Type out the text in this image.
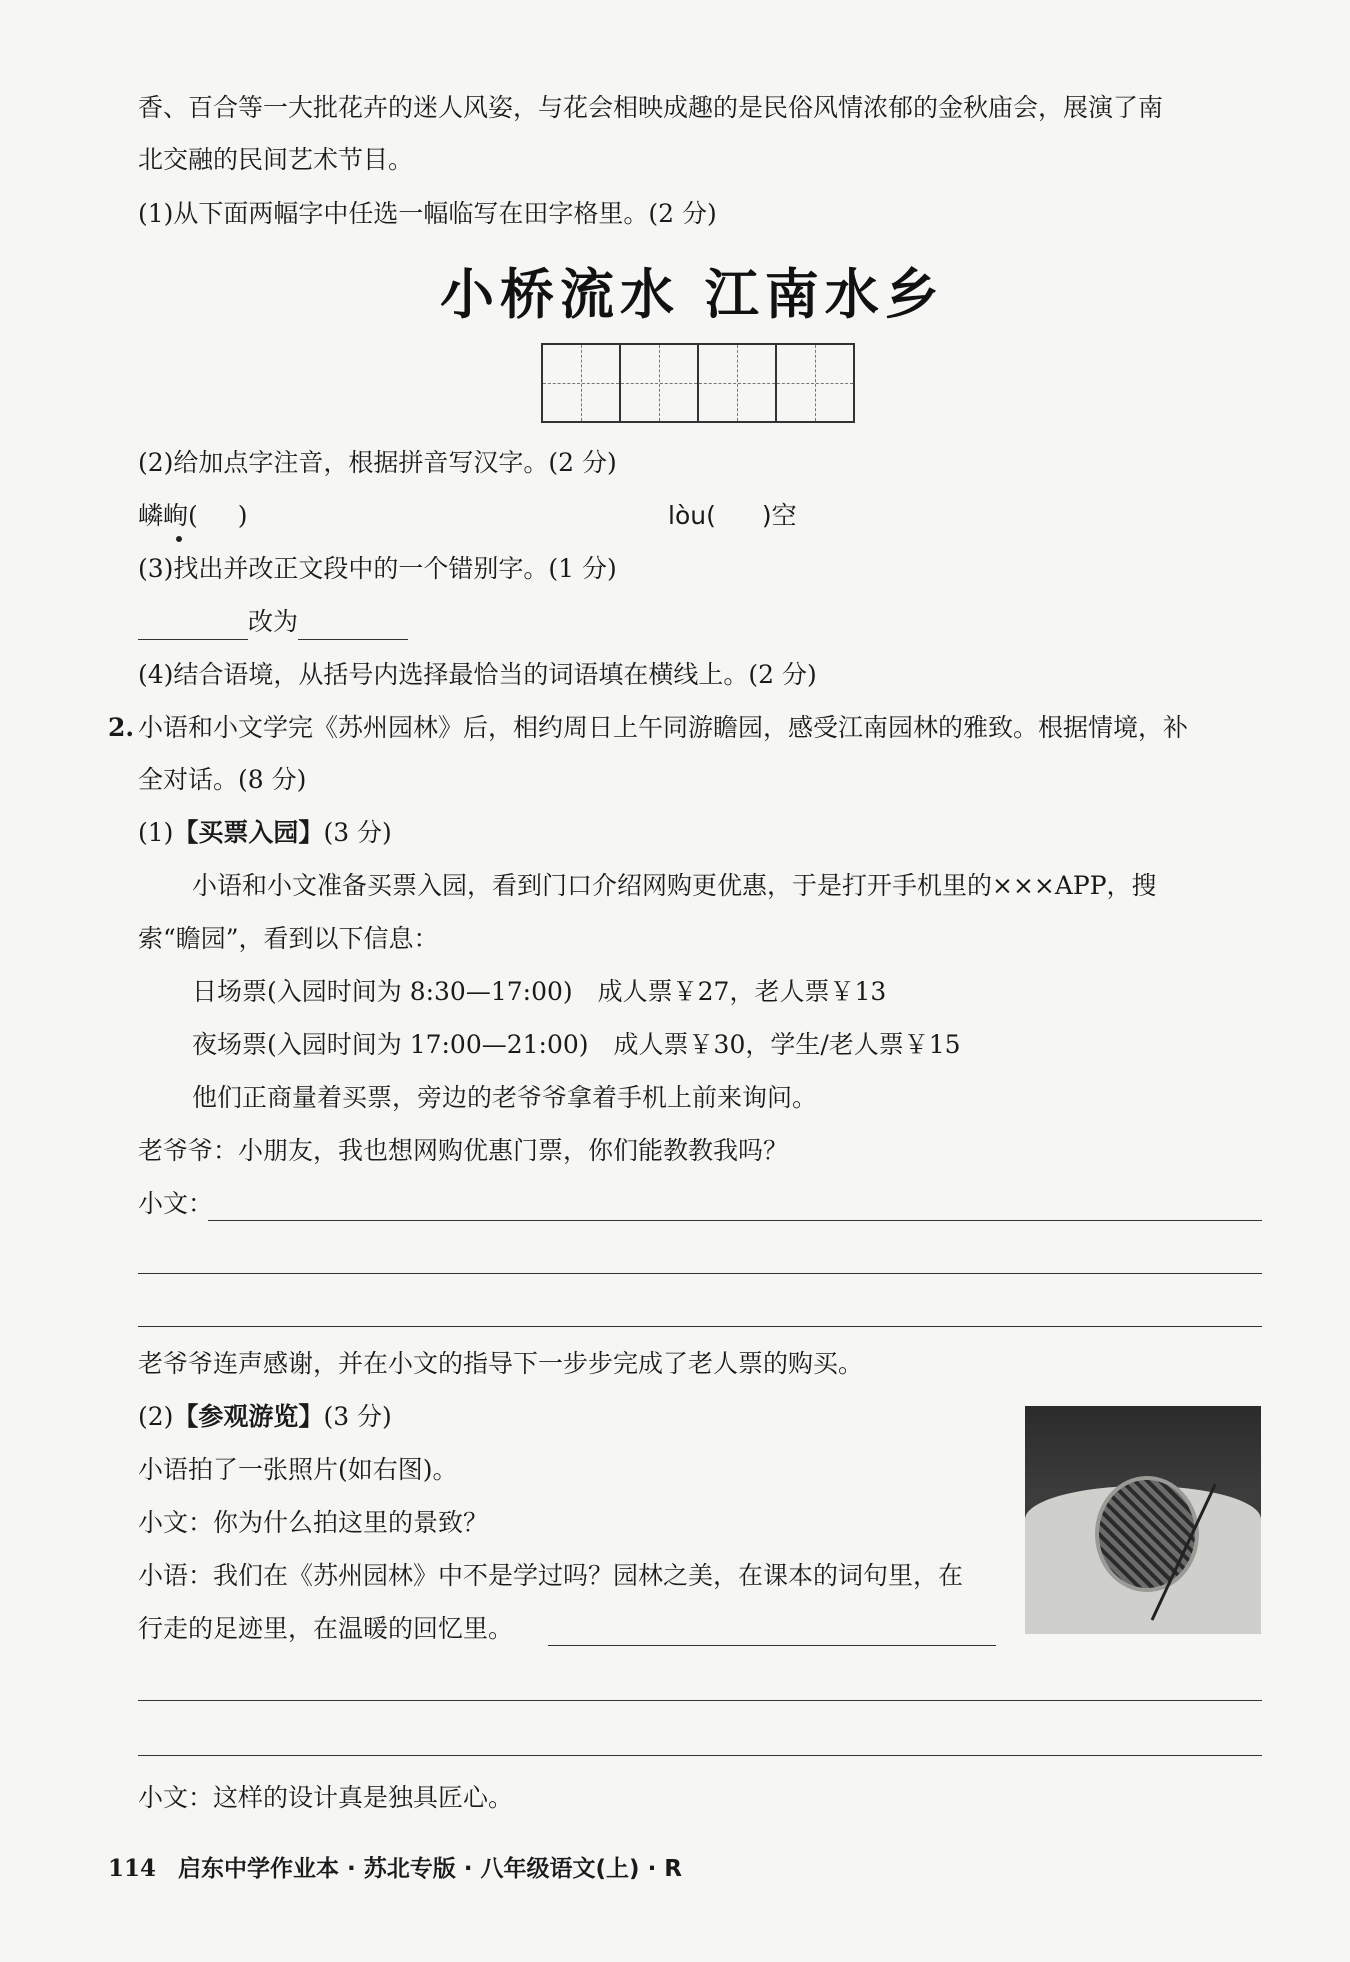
香、百合等一大批花卉的迷人风姿，与花会相映成趣的是民俗风情浓郁的金秋庙会，展演了南
北交融的民间艺术节目。
(1)从下面两幅字中任选一幅临写在田字格里。(2 分)
小桥流水 江南水乡
(2)给加点字注音，根据拼音写汉字。(2 分)
嶙峋( )	lòu( )空
(3)找出并改正文段中的一个错别字。(1 分)
改为
(4)结合语境，从括号内选择最恰当的词语填在横线上。(2 分)
2. 小语和小文学完《苏州园林》后，相约周日上午同游瞻园，感受江南园林的雅致。根据情境，补
全对话。(8 分)
(1)【买票入园】(3 分)
小语和小文准备买票入园，看到门口介绍网购更优惠，于是打开手机里的×××APP，搜
索“瞻园”，看到以下信息：
日场票(入园时间为 8:30—17:00)　成人票￥27，老人票￥13
夜场票(入园时间为 17:00—21:00)　成人票￥30，学生/老人票￥15
他们正商量着买票，旁边的老爷爷拿着手机上前来询问。
老爷爷：小朋友，我也想网购优惠门票，你们能教教我吗？
小文：
老爷爷连声感谢，并在小文的指导下一步步完成了老人票的购买。
(2)【参观游览】(3 分)
小语拍了一张照片(如右图)。
小文：你为什么拍这里的景致？
小语：我们在《苏州园林》中不是学过吗？园林之美，在课本的词句里，在
行走的足迹里，在温暖的回忆里。
小文：这样的设计真是独具匠心。
114 启东中学作业本 · 苏北专版 · 八年级语文(上) · R
